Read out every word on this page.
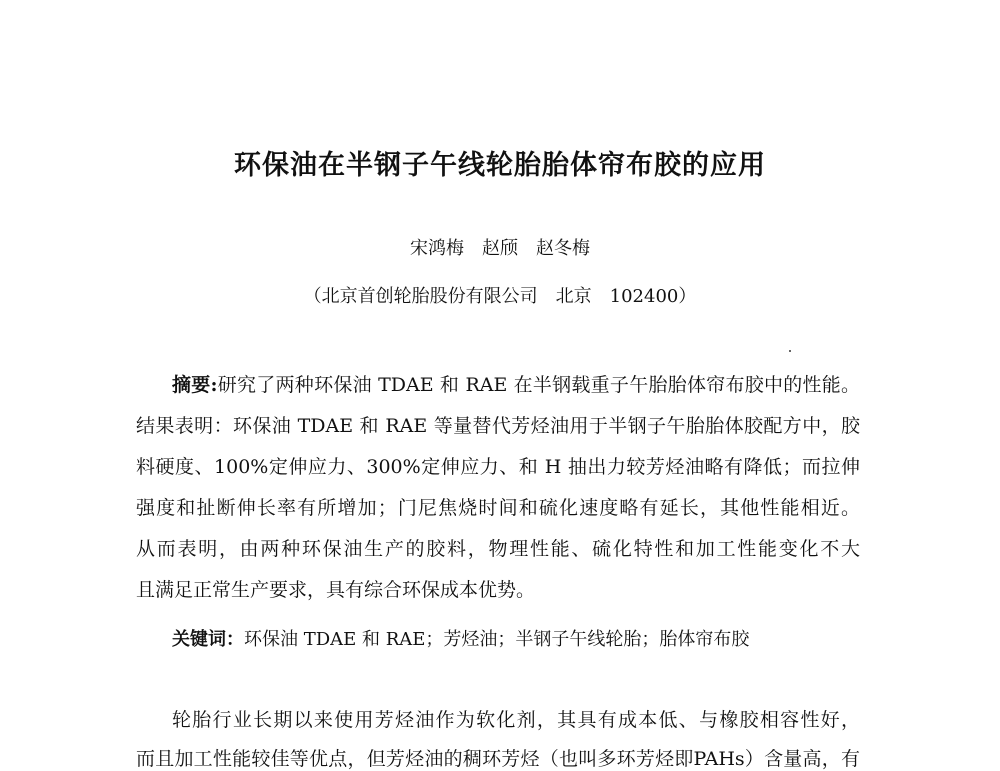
环保油在半钢子午线轮胎胎体帘布胶的应用
宋鸿梅　赵颀　赵冬梅
（北京首创轮胎股份有限公司　北京　102400）
摘要:研究了两种环保油 TDAE 和 RAE 在半钢载重子午胎胎体帘布胶中的性能。
结果表明：环保油 TDAE 和 RAE 等量替代芳烃油用于半钢子午胎胎体胶配方中，胶
料硬度、100%定伸应力、300%定伸应力、和 H 抽出力较芳烃油略有降低；而拉伸
强度和扯断伸长率有所增加；门尼焦烧时间和硫化速度略有延长，其他性能相近。
从而表明，由两种环保油生产的胶料，物理性能、硫化特性和加工性能变化不大
且满足正常生产要求，具有综合环保成本优势。
关键词：环保油 TDAE 和 RAE；芳烃油；半钢子午线轮胎；胎体帘布胶
轮胎行业长期以来使用芳烃油作为软化剂，其具有成本低、与橡胶相容性好，
而且加工性能较佳等优点，但芳烃油的稠环芳烃（也叫多环芳烃即PAHs）含量高，有
